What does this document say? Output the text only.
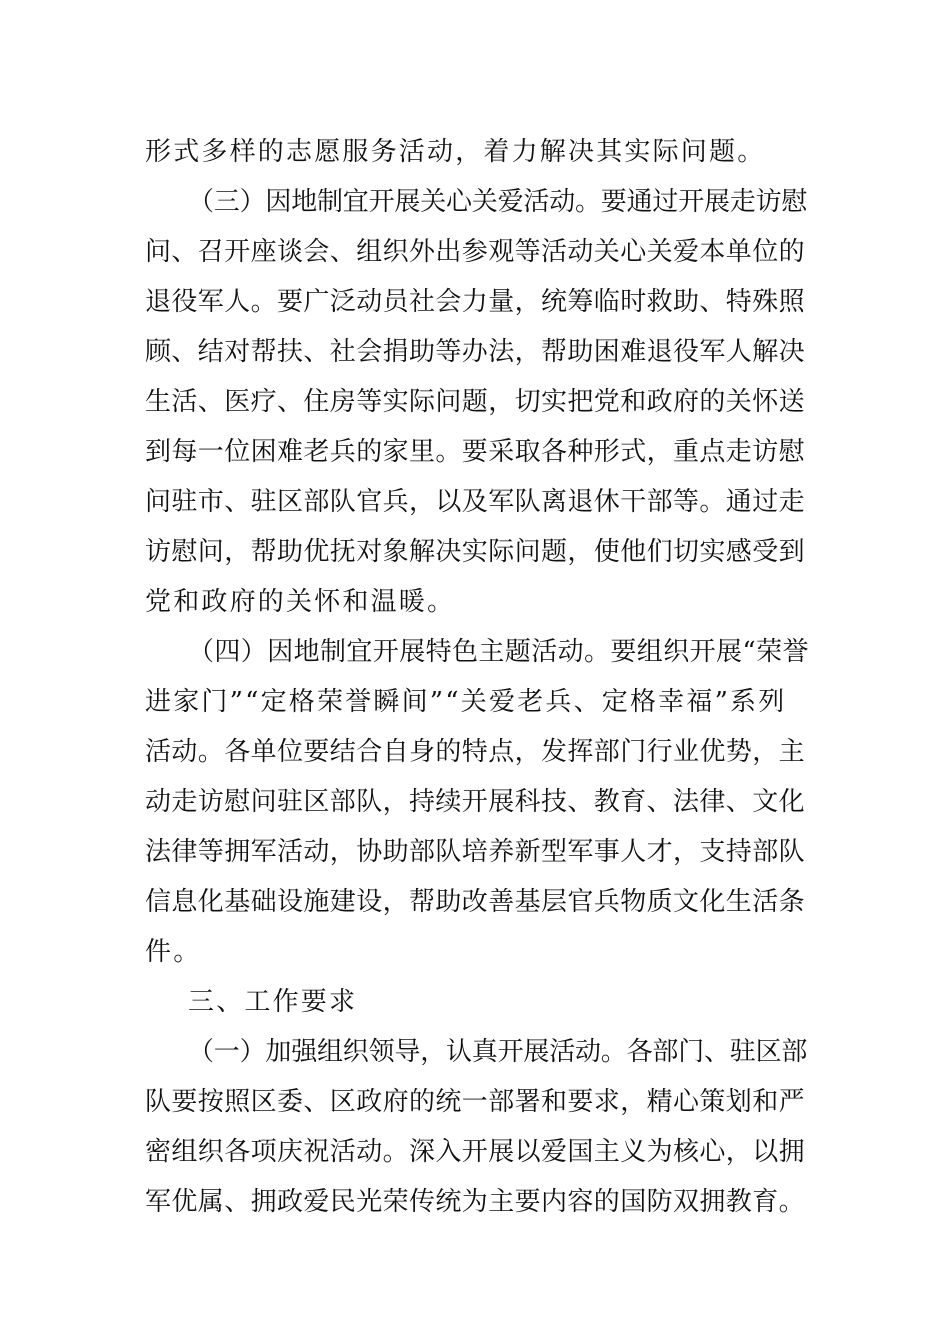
形式多样的志愿服务活动，着力解决其实际问题。
（三）因地制宜开展关心关爱活动。要通过开展走访慰
问、召开座谈会、组织外出参观等活动关心关爱本单位的
退役军人。要广泛动员社会力量，统筹临时救助、特殊照
顾、结对帮扶、社会捐助等办法，帮助困难退役军人解决
生活、医疗、住房等实际问题，切实把党和政府的关怀送
到每一位困难老兵的家里。要采取各种形式，重点走访慰
问驻市、驻区部队官兵，以及军队离退休干部等。通过走
访慰问，帮助优抚对象解决实际问题，使他们切实感受到
党和政府的关怀和温暖。
（四）因地制宜开展特色主题活动。要组织开展“荣誉
进家门”“定格荣誉瞬间”“关爱老兵、定格幸福”系列
活动。各单位要结合自身的特点，发挥部门行业优势，主
动走访慰问驻区部队，持续开展科技、教育、法律、文化
法律等拥军活动，协助部队培养新型军事人才，支持部队
信息化基础设施建设，帮助改善基层官兵物质文化生活条
件。
三、工作要求
（一）加强组织领导，认真开展活动。各部门、驻区部
队要按照区委、区政府的统一部署和要求，精心策划和严
密组织各项庆祝活动。深入开展以爱国主义为核心，以拥
军优属、拥政爱民光荣传统为主要内容的国防双拥教育。
